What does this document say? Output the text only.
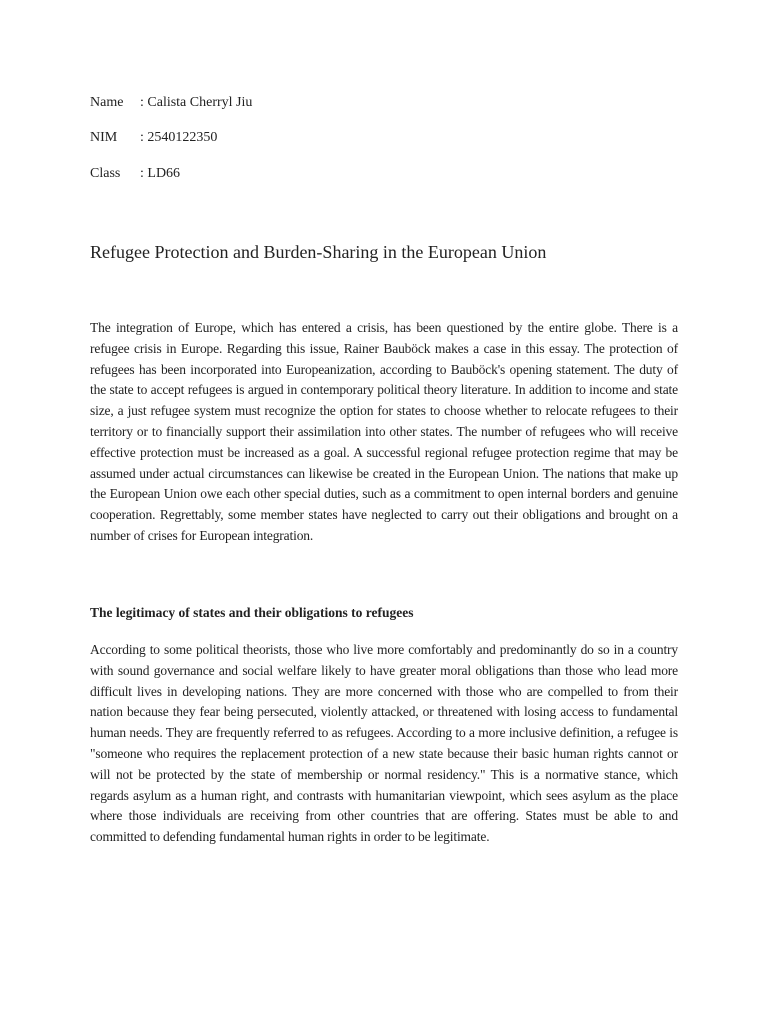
Name : Calista Cherryl Jiu
NIM : 2540122350
Class : LD66
Refugee Protection and Burden-Sharing in the European Union

The integration of Europe, which has entered a crisis, has been questioned by the entire globe. There is a refugee crisis in Europe. Regarding this issue, Rainer Bauböck makes a case in this essay. The protection of refugees has been incorporated into Europeanization, according to Bauböck's opening statement. The duty of the state to accept refugees is argued in contemporary political theory literature. In addition to income and state size, a just refugee system must recognize the option for states to choose whether to relocate refugees to their territory or to financially support their assimilation into other states. The number of refugees who will receive effective protection must be increased as a goal. A successful regional refugee protection regime that may be assumed under actual circumstances can likewise be created in the European Union. The nations that make up the European Union owe each other special duties, such as a commitment to open internal borders and genuine cooperation. Regrettably, some member states have neglected to carry out their obligations and brought on a number of crises for European integration.

The legitimacy of states and their obligations to refugees

According to some political theorists, those who live more comfortably and predominantly do so in a country with sound governance and social welfare likely to have greater moral obligations than those who lead more difficult lives in developing nations. They are more concerned with those who are compelled to from their nation because they fear being persecuted, violently attacked, or threatened with losing access to fundamental human needs. They are frequently referred to as refugees. According to a more inclusive definition, a refugee is "someone who requires the replacement protection of a new state because their basic human rights cannot or will not be protected by the state of membership or normal residency." This is a normative stance, which regards asylum as a human right, and contrasts with humanitarian viewpoint, which sees asylum as the place where those individuals are receiving from other countries that are offering. States must be able to and committed to defending fundamental human rights in order to be legitimate.
